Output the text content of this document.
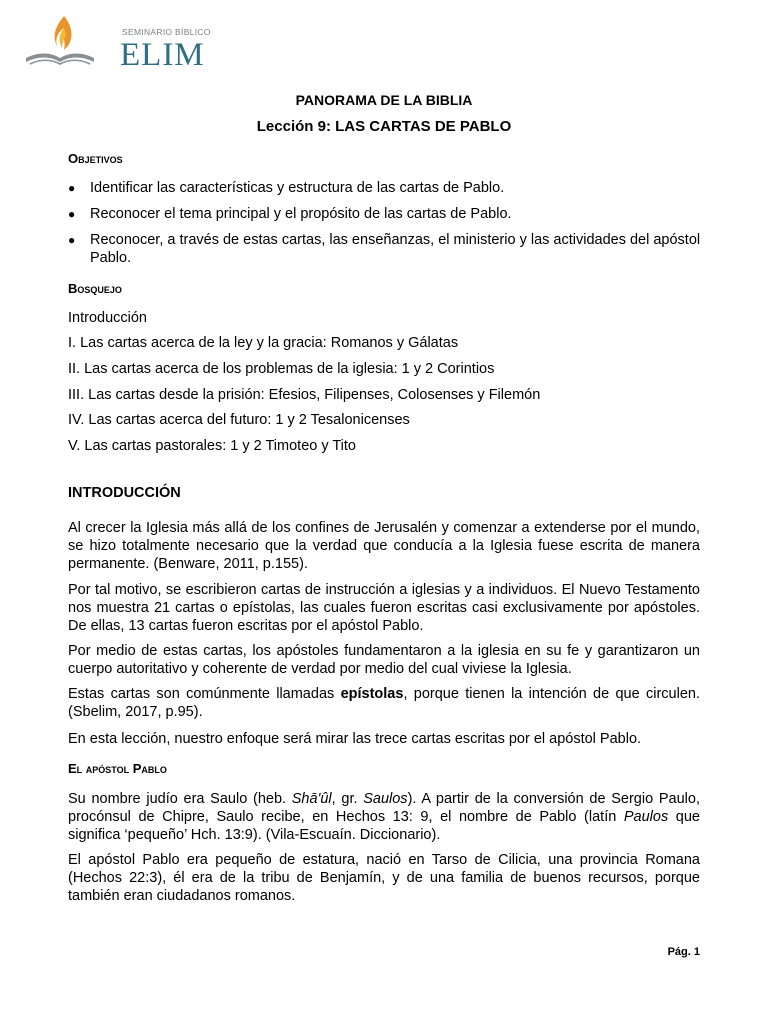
SEMINARIO BÍBLICO
ELIM
PANORAMA DE LA BIBLIA
Lección 9: LAS CARTAS DE PABLO
Objetivos
● Identificar las características y estructura de las cartas de Pablo.
● Reconocer el tema principal y el propósito de las cartas de Pablo.
● Reconocer, a través de estas cartas, las enseñanzas, el ministerio y las actividades del apóstol Pablo.
Bosquejo
Introducción
I. Las cartas acerca de la ley y la gracia: Romanos y Gálatas
II. Las cartas acerca de los problemas de la iglesia: 1 y 2 Corintios
III. Las cartas desde la prisión: Efesios, Filipenses, Colosenses y Filemón
IV. Las cartas acerca del futuro: 1 y 2 Tesalonicenses
V. Las cartas pastorales: 1 y 2 Timoteo y Tito
INTRODUCCIÓN
Al crecer la Iglesia más allá de los confines de Jerusalén y comenzar a extenderse por el mundo, se hizo totalmente necesario que la verdad que conducía a la Iglesia fuese escrita de manera permanente. (Benware, 2011, p.155).
Por tal motivo, se escribieron cartas de instrucción a iglesias y a individuos. El Nuevo Testamento nos muestra 21 cartas o epístolas, las cuales fueron escritas casi exclusivamente por apóstoles. De ellas, 13 cartas fueron escritas por el apóstol Pablo.
Por medio de estas cartas, los apóstoles fundamentaron a la iglesia en su fe y garantizaron un cuerpo autoritativo y coherente de verdad por medio del cual viviese la Iglesia.
Estas cartas son comúnmente llamadas epístolas, porque tienen la intención de que circulen. (Sbelim, 2017, p.95).
En esta lección, nuestro enfoque será mirar las trece cartas escritas por el apóstol Pablo.
El apóstol Pablo
Su nombre judío era Saulo (heb. Shā'ûl, gr. Saulos). A partir de la conversión de Sergio Paulo, procónsul de Chipre, Saulo recibe, en Hechos 13: 9, el nombre de Pablo (latín Paulos que significa ‘pequeño’ Hch. 13:9). (Vila-Escuaín. Diccionario).
El apóstol Pablo era pequeño de estatura, nació en Tarso de Cilicia, una provincia Romana (Hechos 22:3), él era de la tribu de Benjamín, y de una familia de buenos recursos, porque también eran ciudadanos romanos.
Pág. 1
